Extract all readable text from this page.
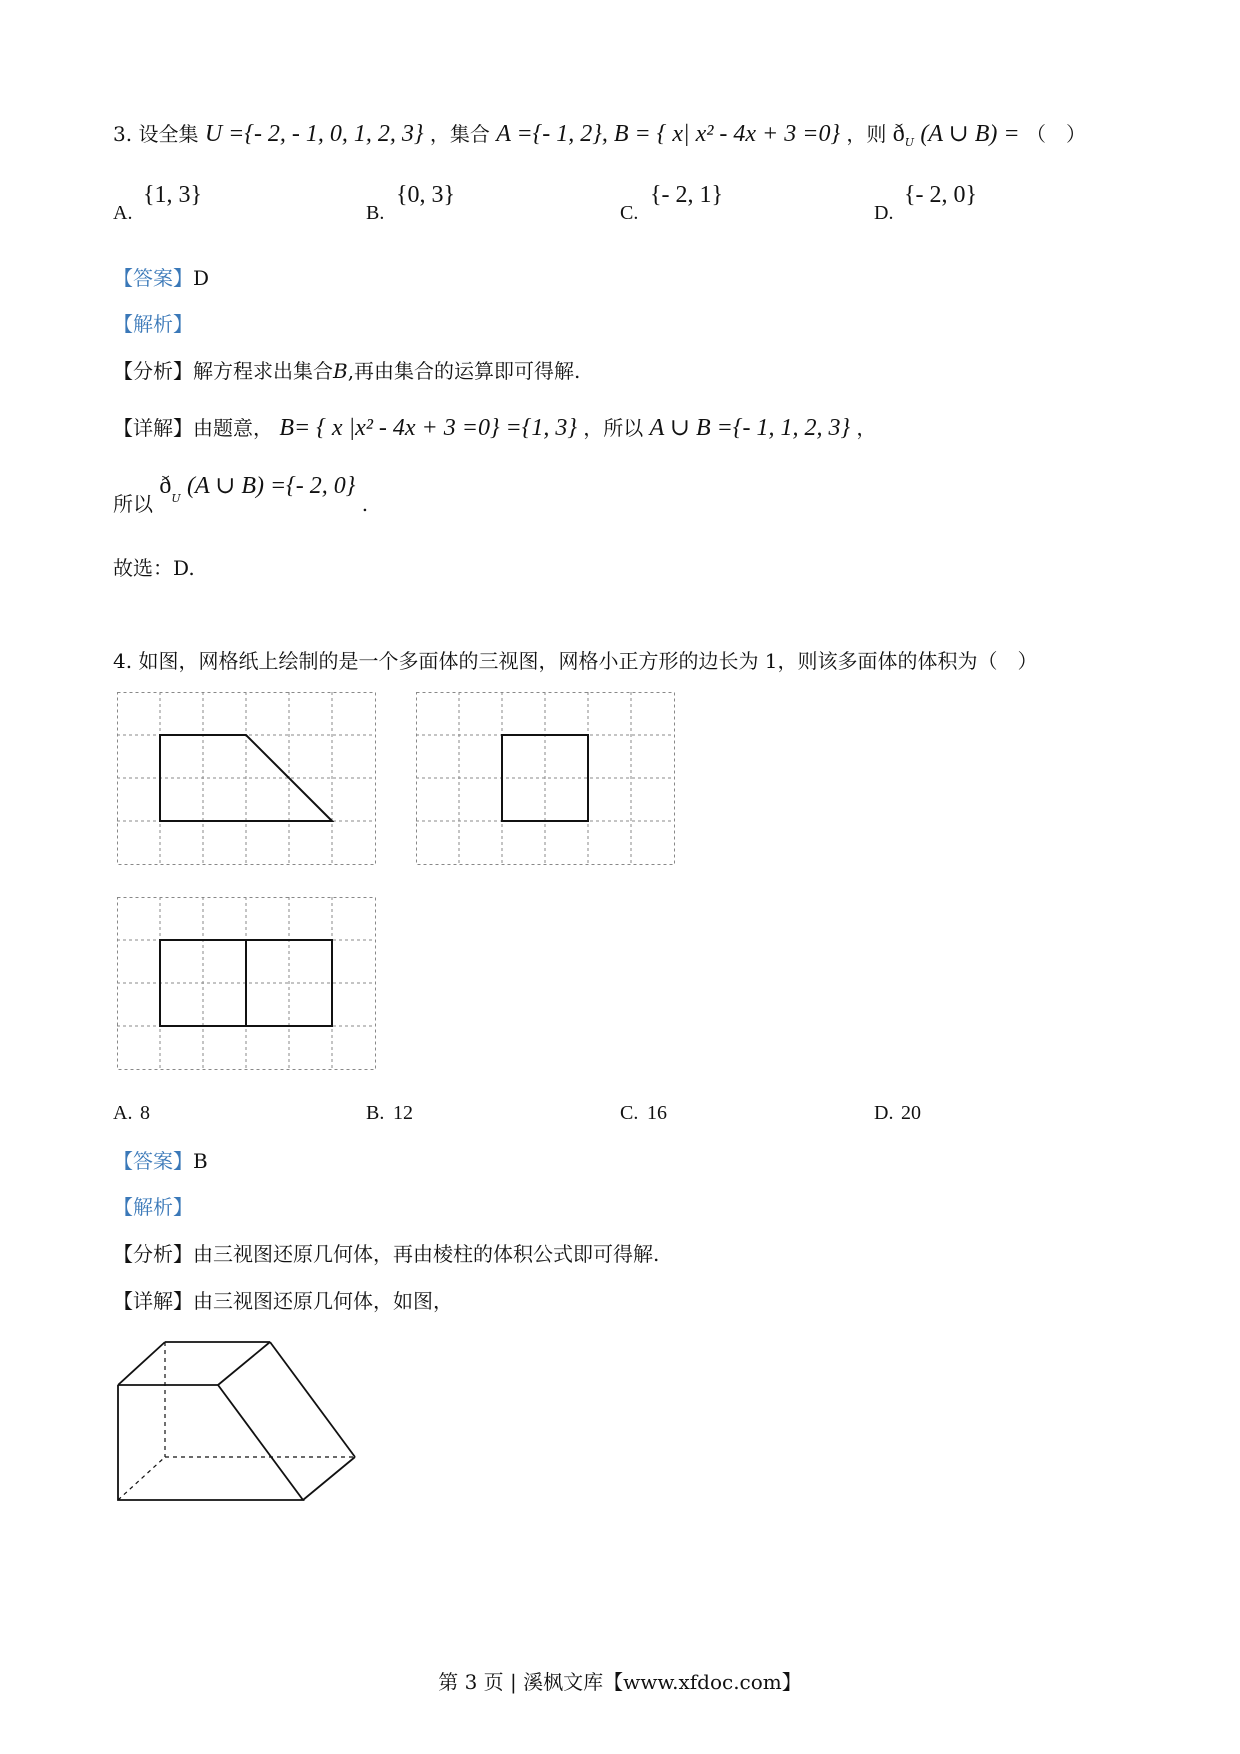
3. 设全集 U ={- 2, - 1, 0, 1, 2, 3} ，集合 A ={- 1, 2}, B = { x| x² - 4x + 3 =0} ，则 $ð_U$ (A ∪ B) = （　）
A.
{1, 3}
B.
{0, 3}
C.
{- 2, 1}
D.
{- 2, 0}
【答案】D
【解析】
【分析】解方程求出集合B,再由集合的运算即可得解.
【详解】由题意， B= { x |x² - 4x + 3 =0} ={1, 3} ，所以 A ∪ B ={- 1, 1, 2, 3} ，
所以 $ð_U$ (A ∪ B) ={- 2, 0} .
故选：D.
4. 如图，网格纸上绘制的是一个多面体的三视图，网格小正方形的边长为 1，则该多面体的体积为（　）
A. 8	B. 12	C. 16	D. 20
【答案】B
【解析】
【分析】由三视图还原几何体，再由棱柱的体积公式即可得解.
【详解】由三视图还原几何体，如图，
第 3 页 | 溪枫文库【www.xfdoc.com】
